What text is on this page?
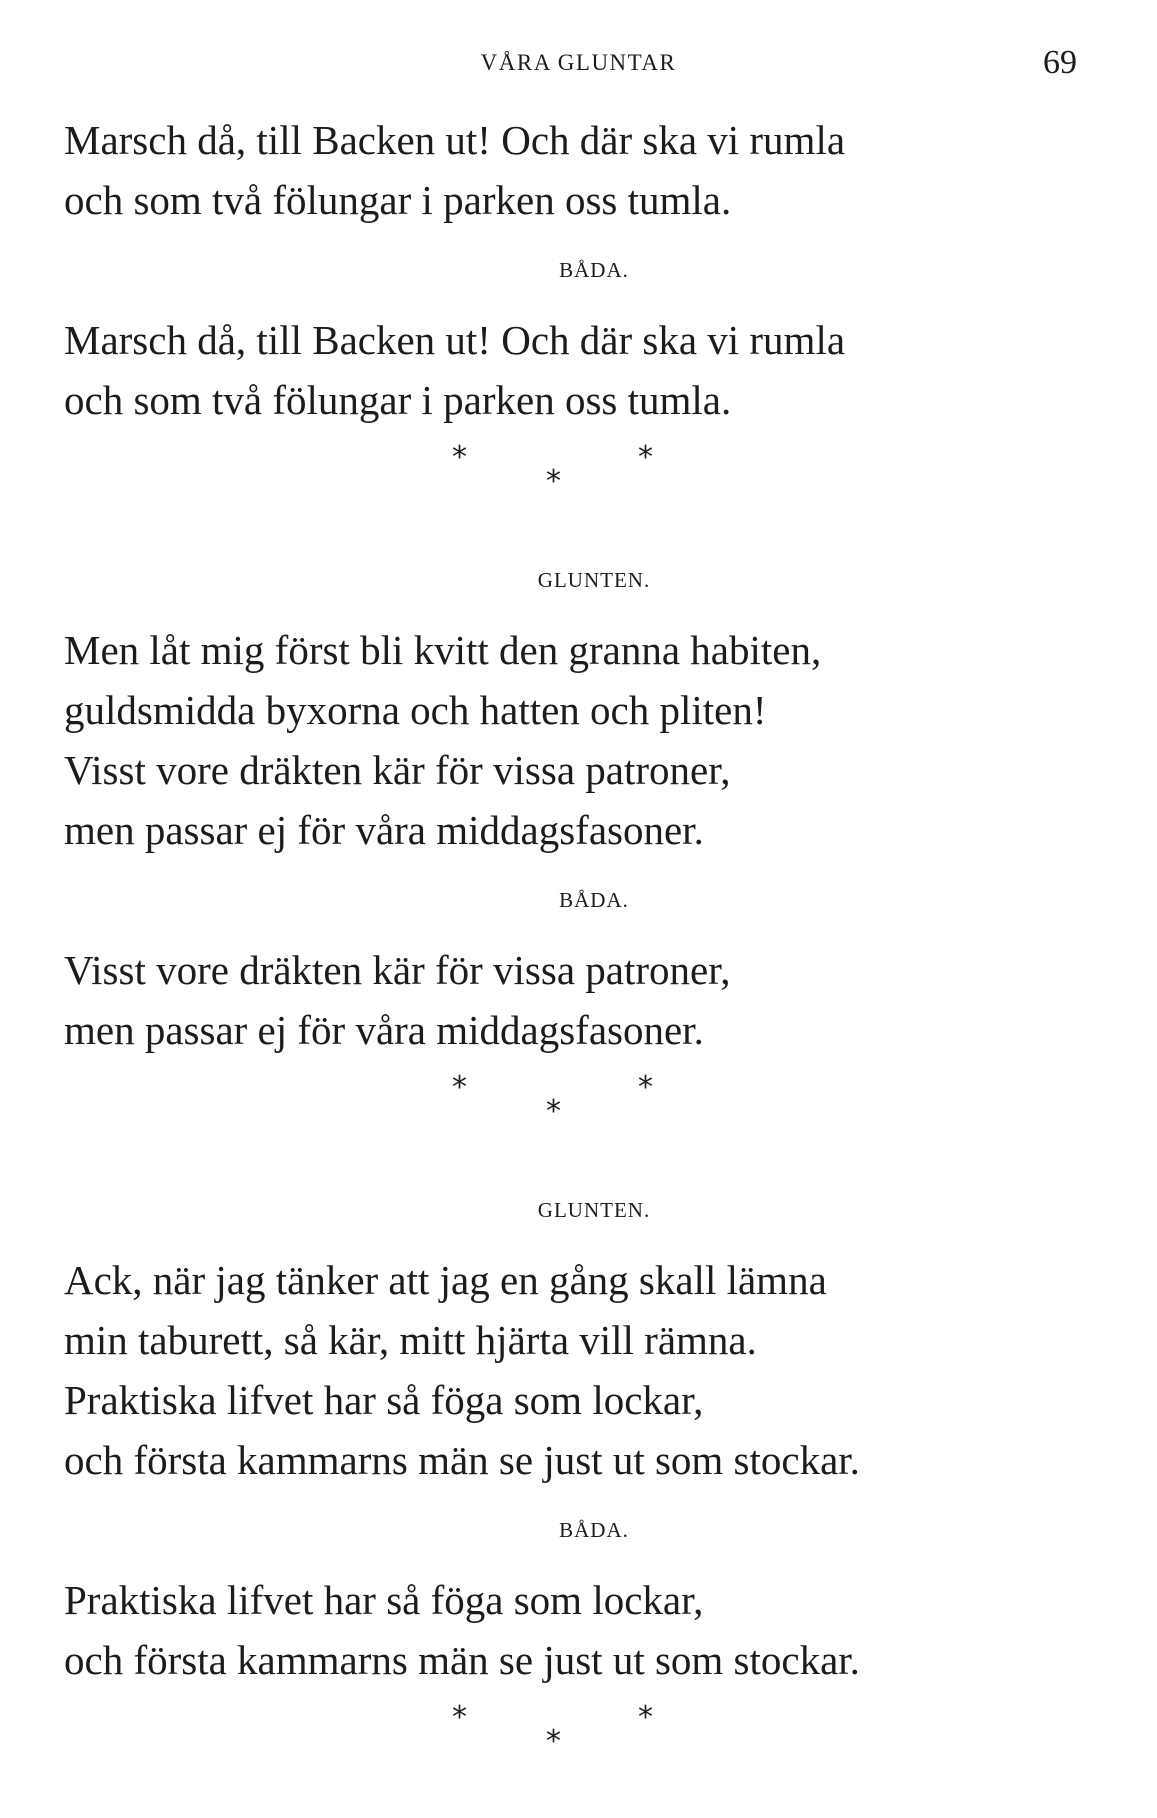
VÅRA GLUNTAR	69
Marsch då, till Backen ut! Och där ska vi rumla
och som två fölungar i parken oss tumla.
BÅDA.
Marsch då, till Backen ut! Och där ska vi rumla
och som två fölungar i parken oss tumla.
*
*
*
GLUNTEN.
Men låt mig först bli kvitt den granna habiten,
guldsmidda byxorna och hatten och pliten!
Visst vore dräkten kär för vissa patroner,
men passar ej för våra middagsfasoner.
BÅDA.
Visst vore dräkten kär för vissa patroner,
men passar ej för våra middagsfasoner.
*
*
*
GLUNTEN.
Ack, när jag tänker att jag en gång skall lämna
min taburett, så kär, mitt hjärta vill rämna.
Praktiska lifvet har så föga som lockar,
och första kammarns män se just ut som stockar.
BÅDA.
Praktiska lifvet har så föga som lockar,
och första kammarns män se just ut som stockar.
*
*
*
